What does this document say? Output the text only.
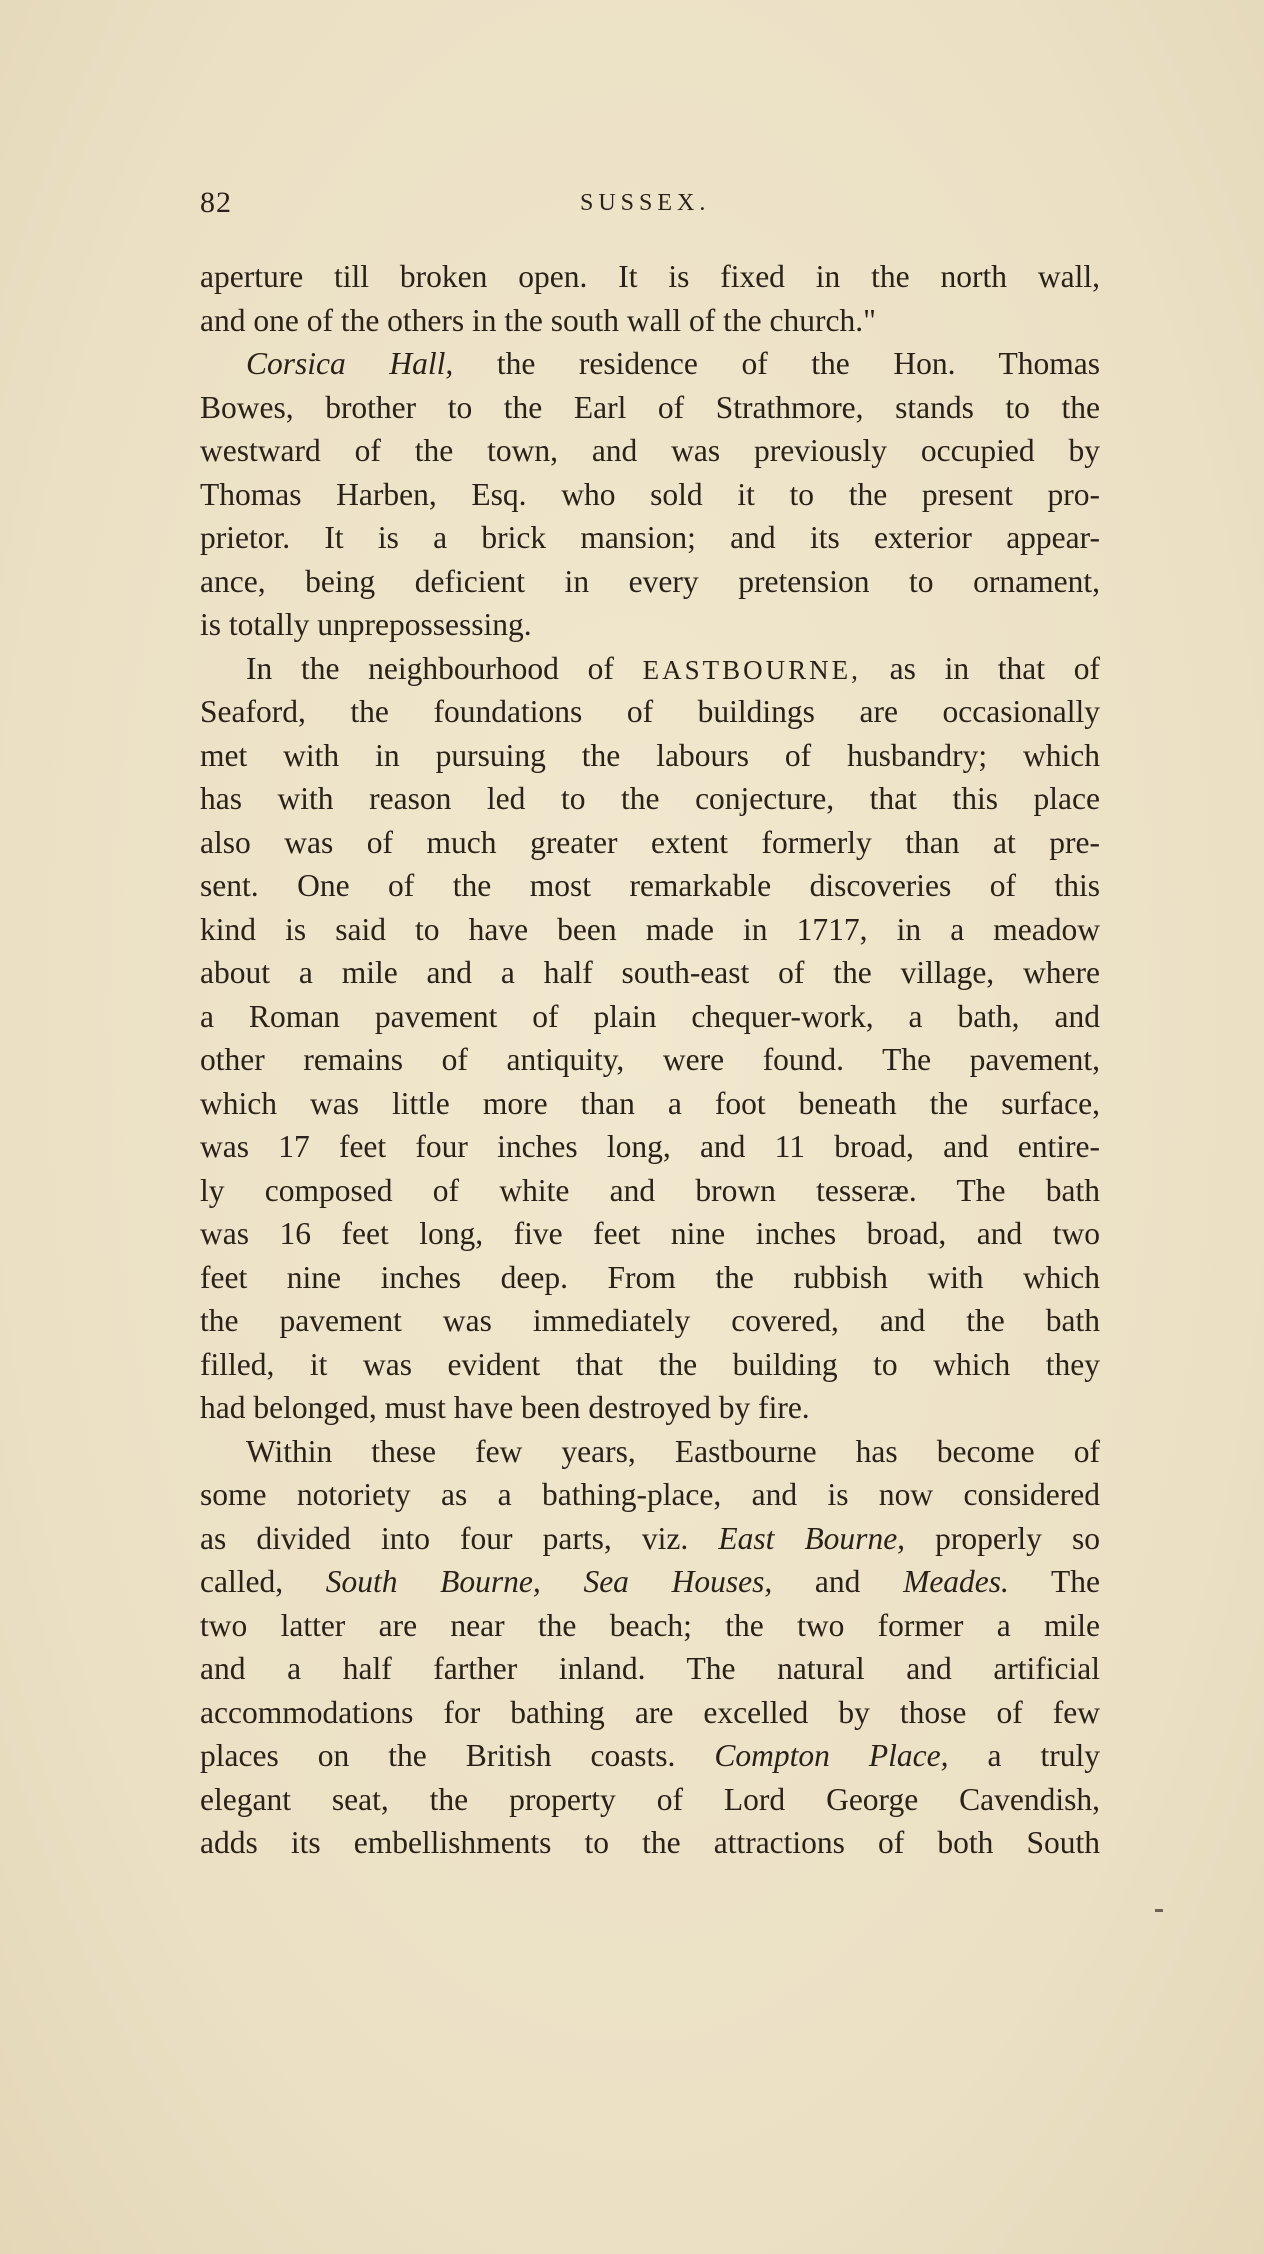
82	SUSSEX.
aperture till broken open. It is fixed in the north wall,
and one of the others in the south wall of the church."
Corsica Hall, the residence of the Hon. Thomas
Bowes, brother to the Earl of Strathmore, stands to the
westward of the town, and was previously occupied by
Thomas Harben, Esq. who sold it to the present pro-
prietor. It is a brick mansion; and its exterior appear-
ance, being deficient in every pretension to ornament,
is totally unprepossessing.
In the neighbourhood of EASTBOURNE, as in that of
Seaford, the foundations of buildings are occasionally
met with in pursuing the labours of husbandry; which
has with reason led to the conjecture, that this place
also was of much greater extent formerly than at pre-
sent. One of the most remarkable discoveries of this
kind is said to have been made in 1717, in a meadow
about a mile and a half south-east of the village, where
a Roman pavement of plain chequer-work, a bath, and
other remains of antiquity, were found. The pavement,
which was little more than a foot beneath the surface,
was 17 feet four inches long, and 11 broad, and entire-
ly composed of white and brown tesseræ. The bath
was 16 feet long, five feet nine inches broad, and two
feet nine inches deep. From the rubbish with which
the pavement was immediately covered, and the bath
filled, it was evident that the building to which they
had belonged, must have been destroyed by fire.
Within these few years, Eastbourne has become of
some notoriety as a bathing-place, and is now considered
as divided into four parts, viz. East Bourne, properly so
called, South Bourne, Sea Houses, and Meades. The
two latter are near the beach; the two former a mile
and a half farther inland. The natural and artificial
accommodations for bathing are excelled by those of few
places on the British coasts. Compton Place, a truly
elegant seat, the property of Lord George Cavendish,
adds its embellishments to the attractions of both South
